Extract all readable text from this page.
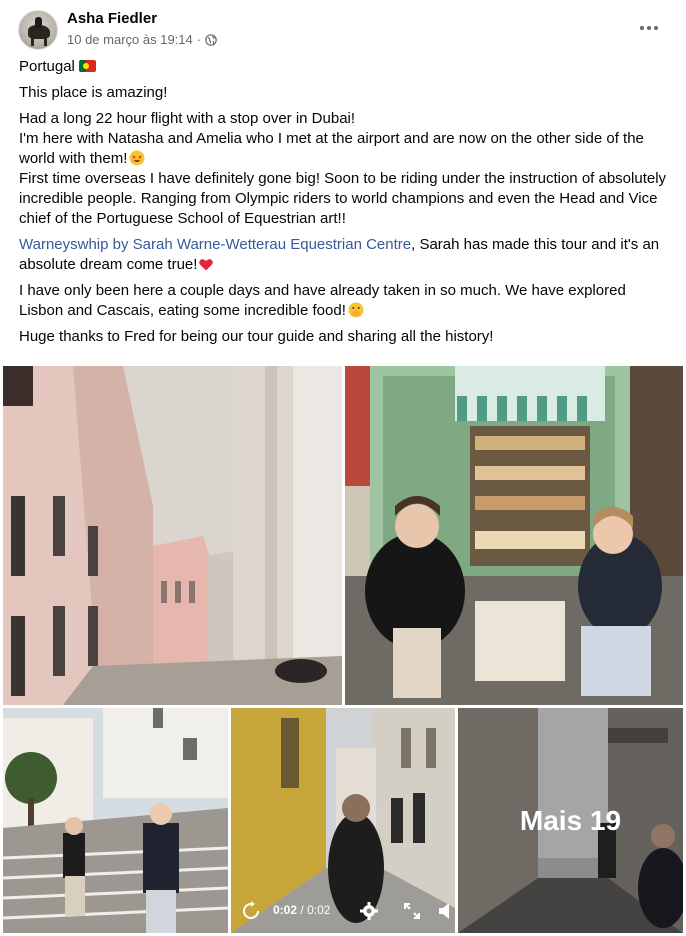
Asha Fiedler
10 de março às 19:14 ·

Portugal

This place is amazing!

Had a long 22 hour flight with a stop over in Dubai!

I'm here with Natasha and Amelia who I met at the airport and are now on the other side of the world with them!

First time overseas I have definitely gone big! Soon to be riding under the instruction of absolutely incredible people. Ranging from Olympic riders to world champions and even the Head and Vice chief of the Portuguese School of Equestrian art!!

Warneyswhip by Sarah Warne-Wetterau Equestrian Centre, Sarah has made this tour and it's an absolute dream come true!

I have only been here a couple days and have already taken in so much. We have explored Lisbon and Cascais, eating some incredible food!

Huge thanks to Fred for being our tour guide and sharing all the history!

0:02 / 0:02
Mais 19
